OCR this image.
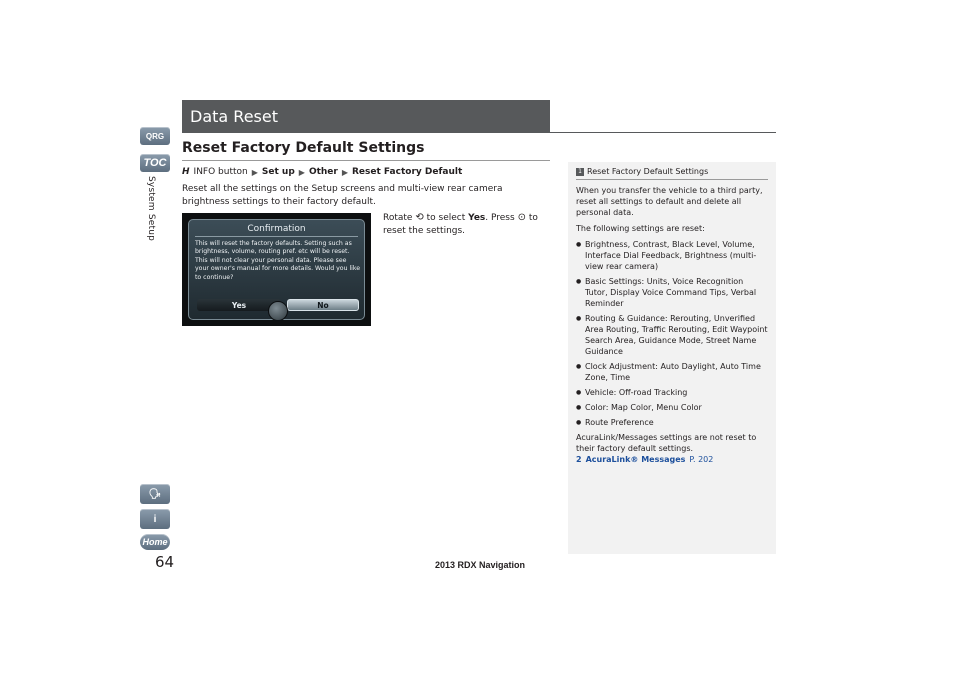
QRG
TOC
System Setup
🗣
i
Home
64
Data Reset
Reset Factory Default Settings
H INFO button ▶ Set up ▶ Other ▶ Reset Factory Default
Reset all the settings on the Setup screens and multi-view rear camera brightness settings to their factory default.
Rotate ⟲ to select Yes. Press ⊙ to reset the settings.
Confirmation
This will reset the factory defaults. Setting such as brightness, volume, routing pref. etc will be reset. This will not clear your personal data. Please see your owner's manual for more details. Would you like to continue?
Yes	No
1 Reset Factory Default Settings

When you transfer the vehicle to a third party, reset all settings to default and delete all personal data.

The following settings are reset:

● Brightness, Contrast, Black Level, Volume, Interface Dial Feedback, Brightness (multi-view rear camera)
● Basic Settings: Units, Voice Recognition Tutor, Display Voice Command Tips, Verbal Reminder
● Routing & Guidance: Rerouting, Unverified Area Routing, Traffic Rerouting, Edit Waypoint Search Area, Guidance Mode, Street Name Guidance
● Clock Adjustment: Auto Daylight, Auto Time Zone, Time
● Vehicle: Off-road Tracking
● Color: Map Color, Menu Color
● Route Preference

AcuraLink/Messages settings are not reset to their factory default settings.

2 AcuraLink® Messages P. 202
2013 RDX Navigation
